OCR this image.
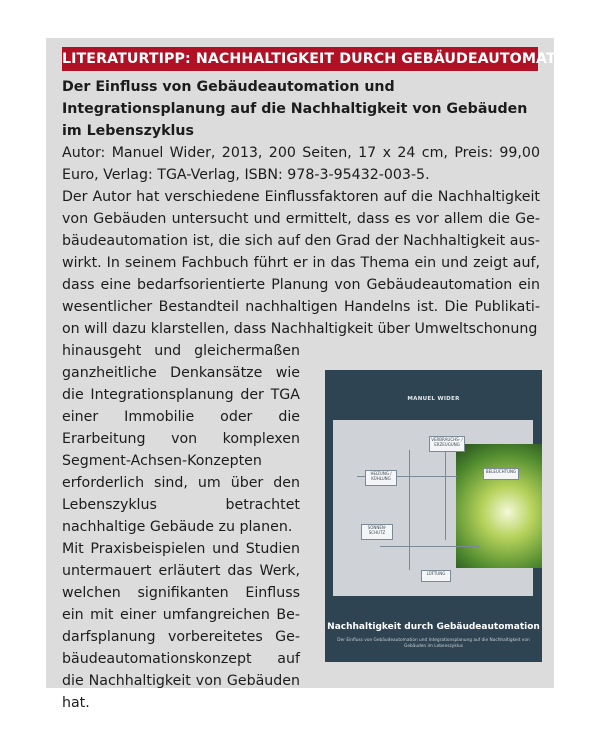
LITERATURTIPP: NACHHALTIGKEIT DURCH GEBÄUDEAUTOMATION

Der Einfluss von Gebäudeautomation und Integrationsplanung auf die Nachhaltigkeit von Gebäuden im Lebenszyklus

Autor: Manuel Wider, 2013, 200 Seiten, 17 x 24 cm, Preis: 99,00 Euro, Verlag: TGA-Verlag, ISBN: 978-3-95432-003-5.

Der Autor hat verschiedene Einflussfaktoren auf die Nachhaltigkeit von Gebäuden untersucht und ermittelt, dass es vor allem die Gebäudeautomation ist, die sich auf den Grad der Nachhaltigkeit auswirkt. In seinem Fachbuch führt er in das Thema ein und zeigt auf, dass eine bedarfsorientierte Planung von Gebäudeautomation ein wesentlicher Bestandteil nachhaltigen Handelns ist. Die Publikation will dazu klarstellen, dass Nachhaltigkeit über Umweltschonung

hinausgeht und gleichermaßen ganzheitliche Denkansätze wie die Integrationsplanung der TGA einer Immobilie oder die Erarbeitung von komplexen Segment-Achsen-Konzepten erforderlich sind, um über den Lebenszyklus betrachtet nachhaltige Gebäude zu planen.

Mit Praxisbeispielen und Studien untermauert erläutert das Werk, welchen signifikanten Einfluss ein mit einer umfangreichen Bedarfsplanung vorbereitetes Gebäudeautomationskonzept auf die Nachhaltigkeit von Gebäuden hat.

MANUEL WIDER
VERBRAUCHS- / ERZEUGUNG
BELEUCHTUNG
HEIZUNG / KÜHLUNG
SONNEN-SCHUTZ
LÜFTUNG
Nachhaltigkeit durch Gebäudeautomation
Der Einfluss von Gebäudeautomation und Integrationsplanung auf die Nachhaltigkeit von Gebäuden im Lebenszyklus
